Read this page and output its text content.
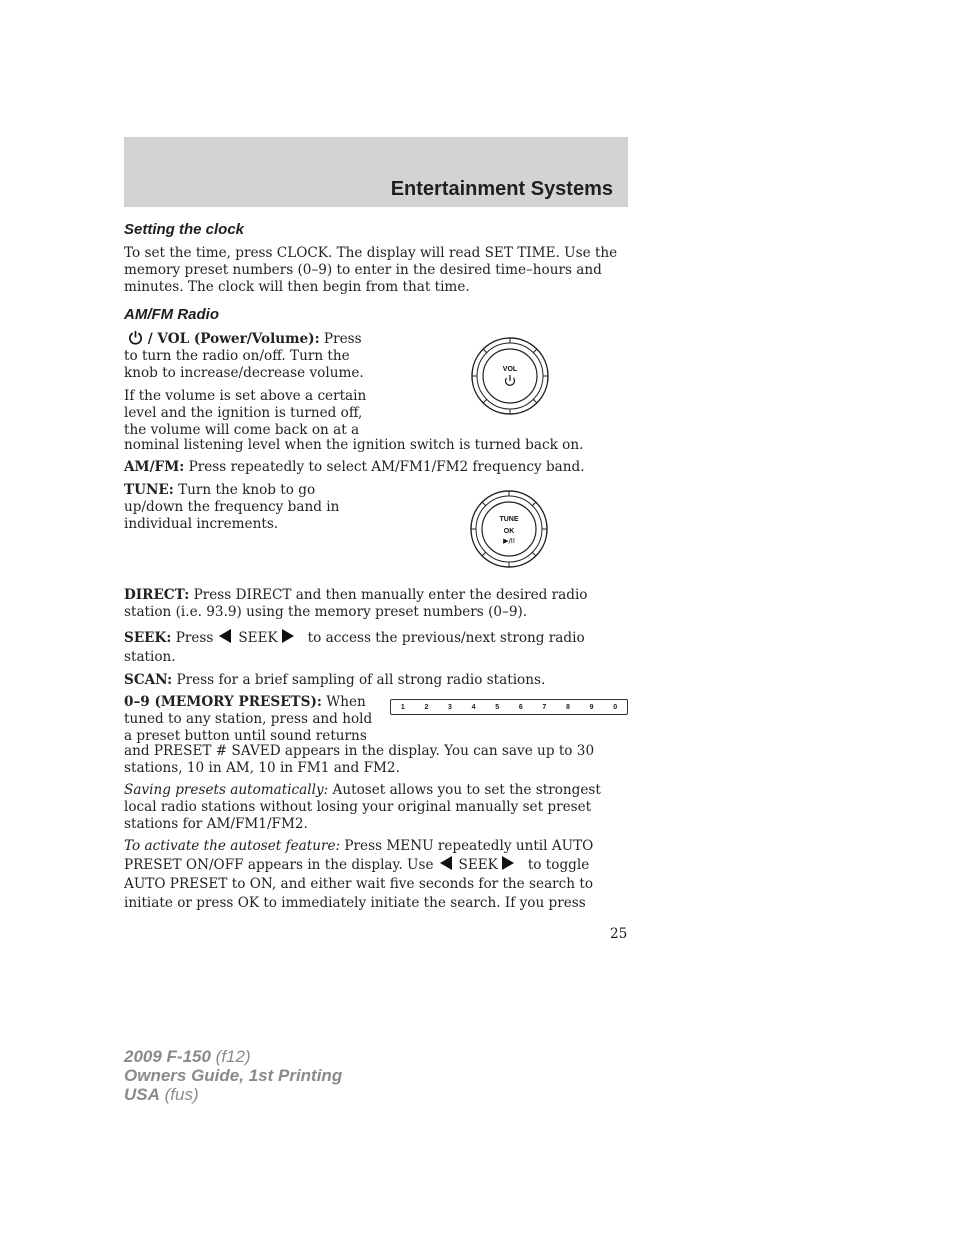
Entertainment Systems
Setting the clock
To set the time, press CLOCK. The display will read SET TIME. Use the memory preset numbers (0–9) to enter in the desired time–hours and minutes. The clock will then begin from that time.
AM/FM Radio
/ VOL (Power/Volume): Press to turn the radio on/off. Turn the knob to increase/decrease volume.
If the volume is set above a certain level and the ignition is turned off, the volume will come back on at a
nominal listening level when the ignition switch is turned back on.
VOL
AM/FM: Press repeatedly to select AM/FM1/FM2 frequency band.
TUNE: Turn the knob to go up/down the frequency band in individual increments.	TUNE
OK
▶/II
DIRECT: Press DIRECT and then manually enter the desired radio station (i.e. 93.9) using the memory preset numbers (0–9).
SEEK: Press SEEK to access the previous/next strong radio
station.
SCAN: Press for a brief sampling of all strong radio stations.
0–9 (MEMORY PRESETS): When tuned to any station, press and hold a preset button until sound returns
1	2	3	4	5	6	7	8	9	0
and PRESET # SAVED appears in the display. You can save up to 30 stations, 10 in AM, 10 in FM1 and FM2.
Saving presets automatically: Autoset allows you to set the strongest local radio stations without losing your original manually set preset stations for AM/FM1/FM2.
To activate the autoset feature: Press MENU repeatedly until AUTO
PRESET ON/OFF appears in the display. Use SEEK to toggle
AUTO PRESET to ON, and either wait five seconds for the search to initiate or press OK to immediately initiate the search. If you press
25
2009 F-150 (f12)
Owners Guide, 1st Printing
USA (fus)
